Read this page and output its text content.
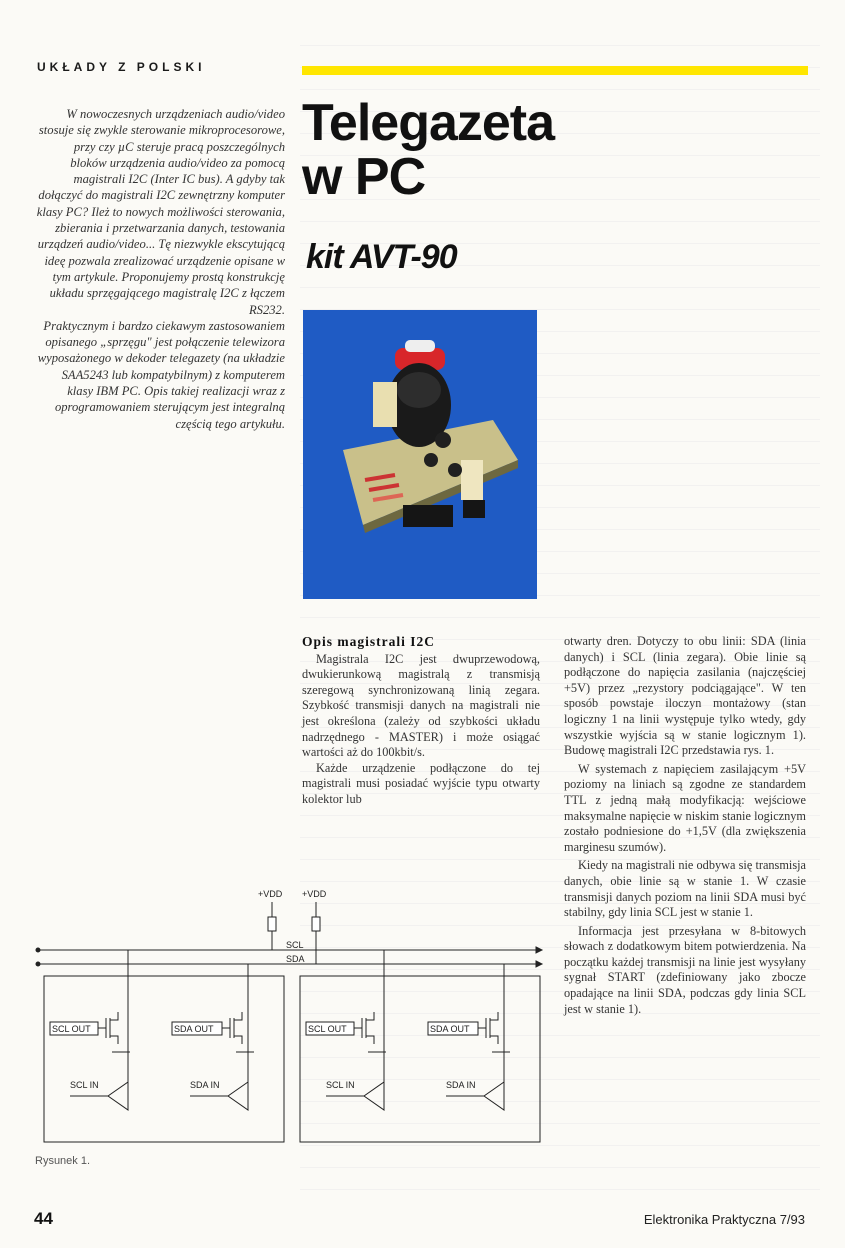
UKŁADY Z POLSKI

W nowoczesnych urządzeniach audio/video stosuje się zwykle sterowanie mikroprocesorowe, przy czy µC steruje pracą poszczególnych bloków urządzenia audio/video za pomocą magistrali I2C (Inter IC bus). A gdyby tak dołączyć do magistrali I2C zewnętrzny komputer klasy PC? Ileż to nowych możliwości sterowania, zbierania i przetwarzania danych, testowania urządzeń audio/video... Tę niezwykle ekscytującą ideę pozwala zrealizować urządzenie opisane w tym artykule. Proponujemy prostą konstrukcję układu sprzęgającego magistralę I2C z łączem RS232.

Praktycznym i bardzo ciekawym zastosowaniem opisanego „sprzęgu" jest połączenie telewizora wyposażonego w dekoder telegazety (na układzie SAA5243 lub kompatybilnym) z komputerem klasy IBM PC. Opis takiej realizacji wraz z oprogramowaniem sterującym jest integralną częścią tego artykułu.

Telegazeta
w PC
kit AVT-90
Opis magistrali I2C

Magistrala I2C jest dwuprzewodową, dwukierunkową magistralą z transmisją szeregową synchronizowaną linią zegara. Szybkość transmisji danych na magistrali nie jest określona (zależy od szybkości układu nadrzędnego - MASTER) i może osiągać wartości aż do 100kbit/s.

Każde urządzenie podłączone do tej magistrali musi posiadać wyjście typu otwarty kolektor lub

otwarty dren. Dotyczy to obu linii: SDA (linia danych) i SCL (linia zegara). Obie linie są podłączone do napięcia zasilania (najczęściej +5V) przez „rezystory podciągające". W ten sposób powstaje iloczyn montażowy (stan logiczny 1 na linii występuje tylko wtedy, gdy wszystkie wyjścia są w stanie logicznym 1). Budowę magistrali I2C przedstawia rys. 1.

W systemach z napięciem zasilającym +5V poziomy na liniach są zgodne ze standardem TTL z jedną małą modyfikacją: wejściowe maksymalne napięcie w niskim stanie logicznym zostało podniesione do +1,5V (dla zwiększenia marginesu szumów).

Kiedy na magistrali nie odbywa się transmisja danych, obie linie są w stanie 1. W czasie transmisji danych poziom na linii SDA musi być stabilny, gdy linia SCL jest w stanie 1.

Informacja jest przesyłana w 8-bitowych słowach z dodatkowym bitem potwierdzenia. Na początku każdej transmisji na linie jest wysyłany sygnał START (zdefiniowany jako zbocze opadające na linii SDA, podczas gdy linia SCL jest w stanie 1).

+VDD +VDD
SCL
SDA
SCL OUT	SDA OUT	SCL OUT	SDA OUT
SCL IN	SDA IN	SCL IN	SDA IN
Rysunek 1.
44	Elektronika Praktyczna 7/93
